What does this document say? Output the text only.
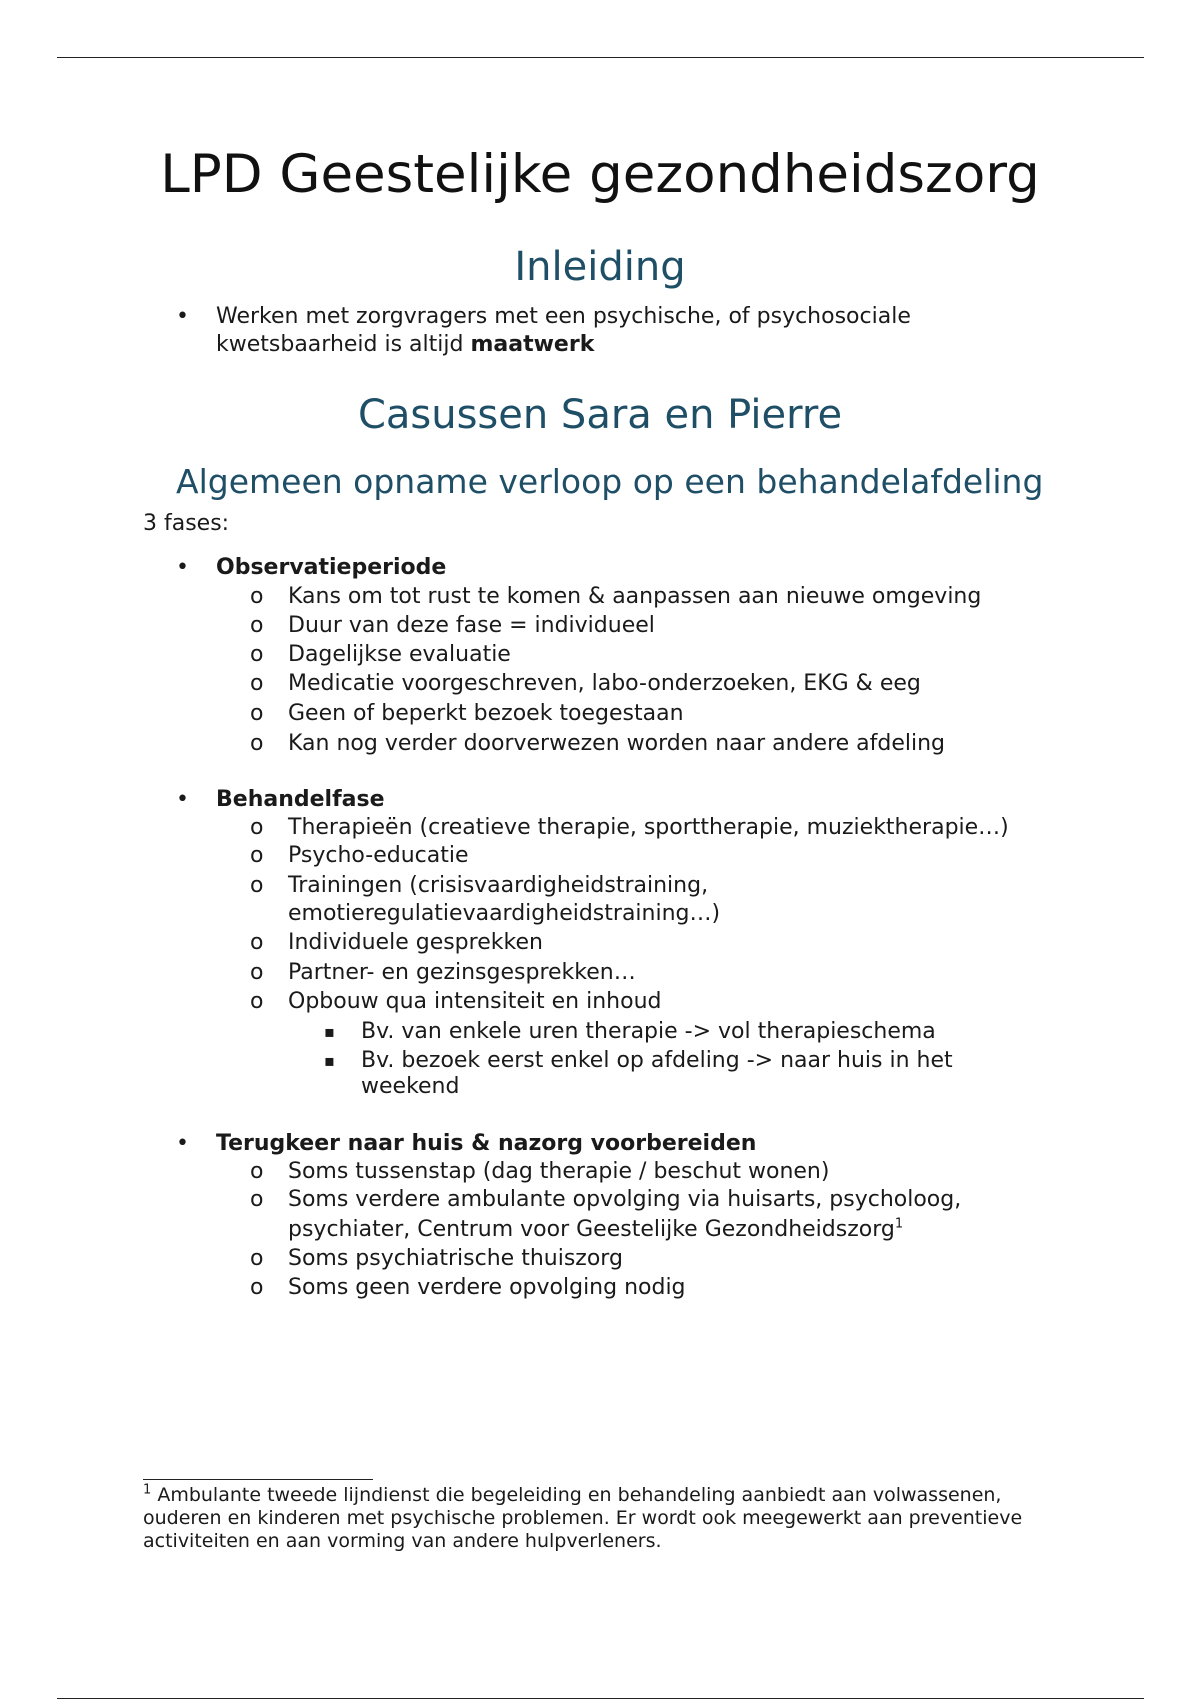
LPD Geestelijke gezondheidszorg
Inleiding
• Werken met zorgvragers met een psychische, of psychosociale
kwetsbaarheid is altijd maatwerk
Casussen Sara en Pierre
Algemeen opname verloop op een behandelafdeling
3 fases:
• Observatieperiode
o Kans om tot rust te komen & aanpassen aan nieuwe omgeving
o Duur van deze fase = individueel
o Dagelijkse evaluatie
o Medicatie voorgeschreven, labo-onderzoeken, EKG & eeg
o Geen of beperkt bezoek toegestaan
o Kan nog verder doorverwezen worden naar andere afdeling
• Behandelfase
o Therapieën (creatieve therapie, sporttherapie, muziektherapie…)
o Psycho-educatie
o Trainingen (crisisvaardigheidstraining,
emotieregulatievaardigheidstraining…)
o Individuele gesprekken
o Partner- en gezinsgesprekken…
o Opbouw qua intensiteit en inhoud
▪ Bv. van enkele uren therapie -> vol therapieschema
▪ Bv. bezoek eerst enkel op afdeling -> naar huis in het
weekend
• Terugkeer naar huis & nazorg voorbereiden
o Soms tussenstap (dag therapie / beschut wonen)
o Soms verdere ambulante opvolging via huisarts, psycholoog,
psychiater, Centrum voor Geestelijke Gezondheidszorg$^1$
o Soms psychiatrische thuiszorg
o Soms geen verdere opvolging nodig

$^1$ Ambulante tweede lijndienst die begeleiding en behandeling aanbiedt aan volwassenen, ouderen en kinderen met psychische problemen. Er wordt ook meegewerkt aan preventieve activiteiten en aan vorming van andere hulpverleners.
